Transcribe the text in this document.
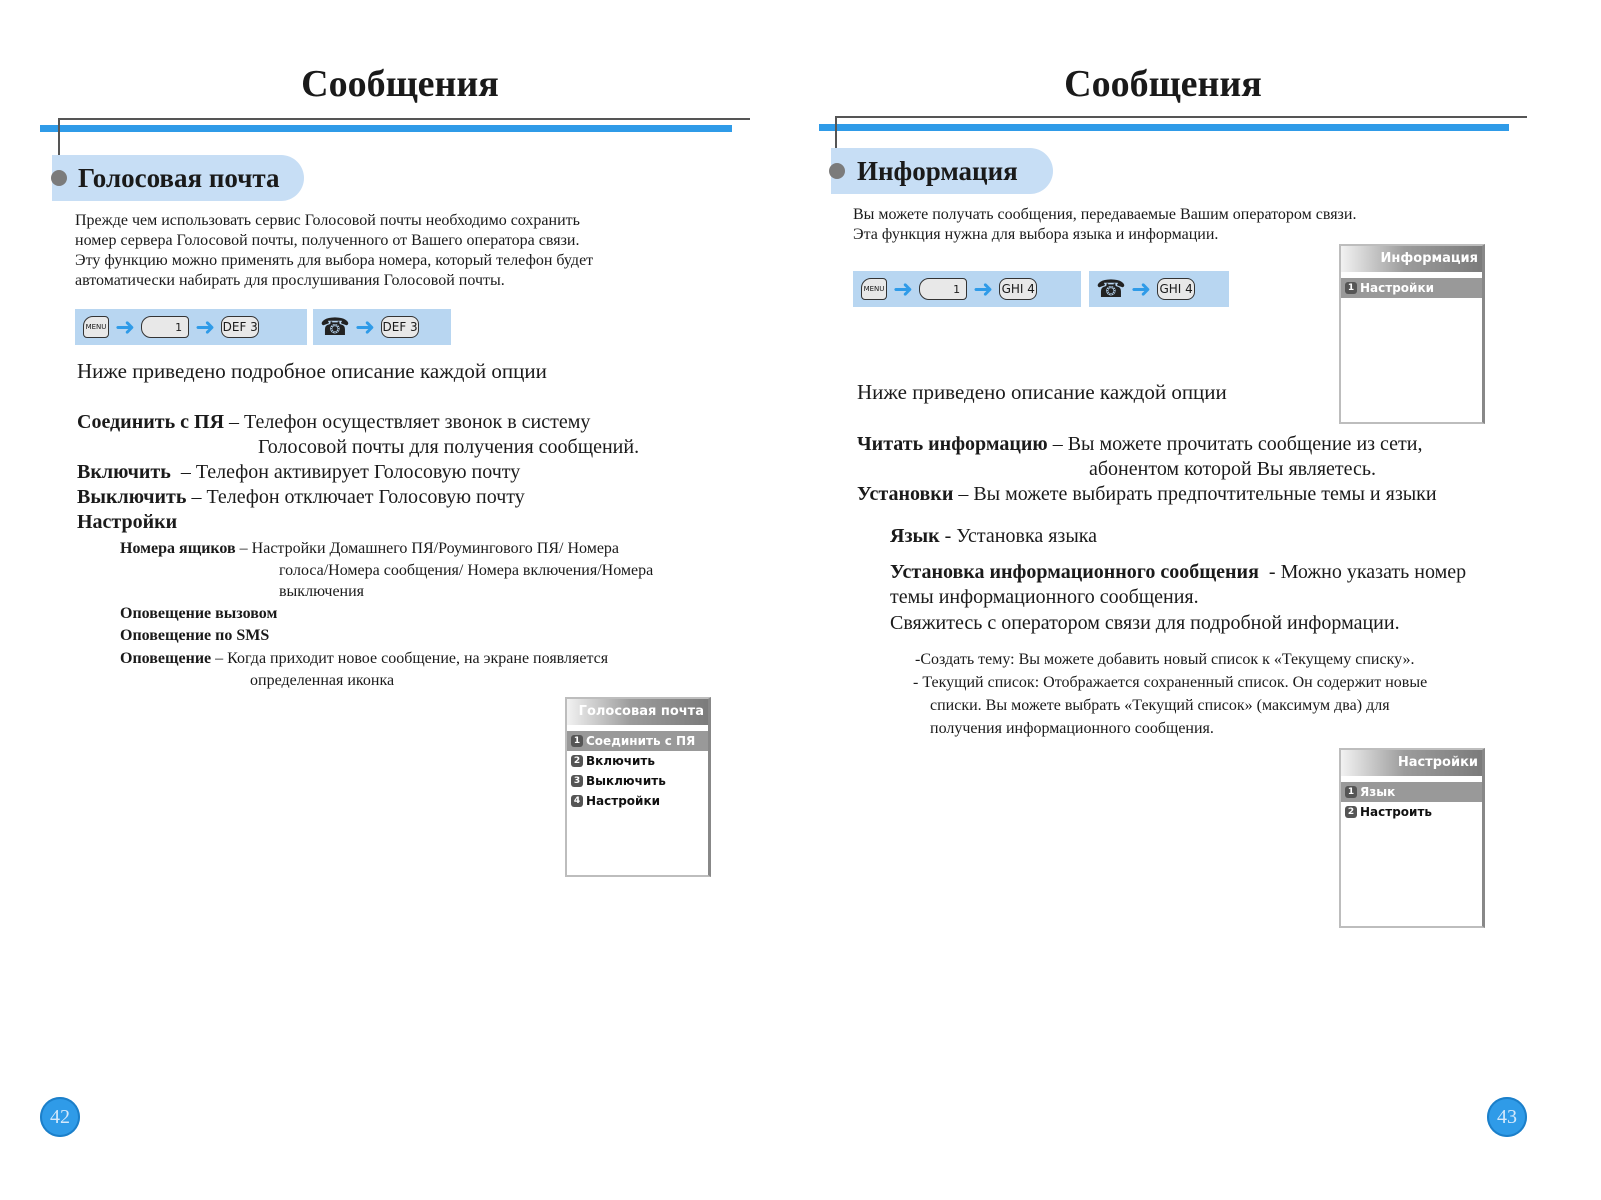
Сообщения
Голосовая почта
Прежде чем использовать сервис Голосовой почты необходимо сохранить
номер сервера Голосовой почты, полученного от Вашего оператора связи.
Эту функцию можно применять для выбора номера, который телефон будет
автоматически набирать для прослушивания Голосовой почты.
MENU ➜	1 ➜ DEF 3	☎ ➜ DEF 3
Ниже приведено подробное описание каждой опции
Соединить с ПЯ – Телефон осуществляет звонок в систему
Голосовой почты для получения сообщений.
Включить  – Телефон активирует Голосовую почту
Выключить – Телефон отключает Голосовую почту
Настройки
Номера ящиков – Настройки Домашнего ПЯ/Роумингового ПЯ/ Номера
голоса/Номера сообщения/ Номера включения/Номера
выключения
Оповещение вызовом
Оповещение по SMS
Оповещение – Когда приходит новое сообщение, на экране появляется
определенная иконка
Голосовая почта
1 Соединить с ПЯ
2 Включить
3 Выключить
4 Настройки
42
Сообщения
Информация
Вы можете получать сообщения, передаваемые Вашим оператором связи.
Эта функция нужна для выбора языка и информации.
MENU ➜	1 ➜ GHI 4	☎ ➜ GHI 4
Информация
1 Настройки
Ниже приведено описание каждой опции
Читать информацию – Вы можете прочитать сообщение из сети,
абонентом которой Вы являетесь.
Установки – Вы можете выбирать предпочтительные темы и языки
Язык - Установка языка
Установка информационного сообщения  - Можно указать номер
темы информационного сообщения.
Свяжитесь с оператором связи для подробной информации.
-Создать тему: Вы можете добавить новый список к «Текущему списку».
- Текущий список: Отображается сохраненный список. Он содержит новые
списки. Вы можете выбрать «Текущий список» (максимум два) для
получения информационного сообщения.
Настройки
1 Язык
2 Настроить
43
